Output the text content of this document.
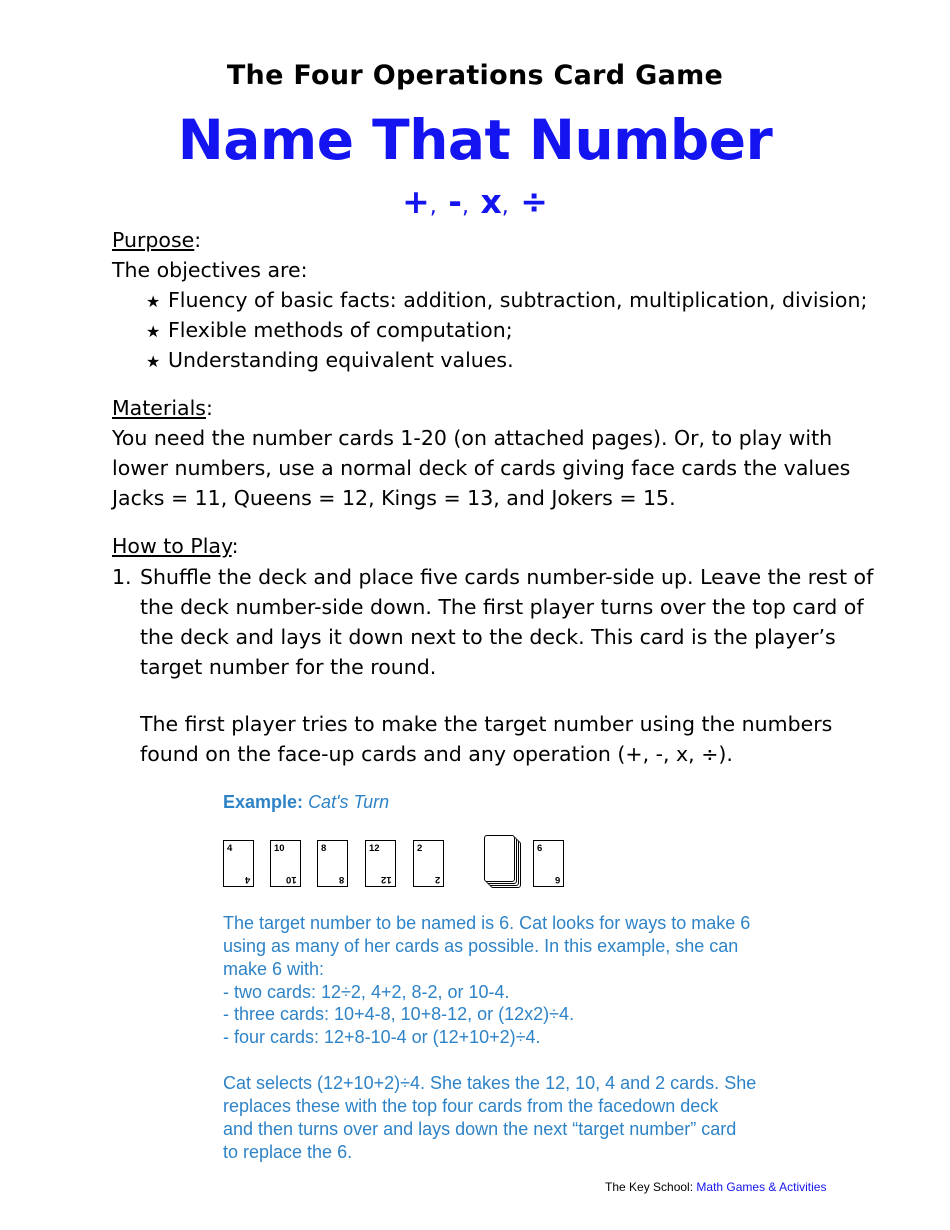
The Four Operations Card Game
Name That Number
+, -, x, ÷
Purpose:
The objectives are:
★ Fluency of basic facts: addition, subtraction, multiplication, division;
★ Flexible methods of computation;
★ Understanding equivalent values.
Materials:
You need the number cards 1-20 (on attached pages). Or, to play with
lower numbers, use a normal deck of cards giving face cards the values
Jacks = 11, Queens = 12, Kings = 13, and Jokers = 15.
How to Play:
1. Shuffle the deck and place five cards number-side up. Leave the rest of
the deck number-side down. The first player turns over the top card of
the deck and lays it down next to the deck. This card is the player’s
target number for the round.
The first player tries to make the target number using the numbers
found on the face-up cards and any operation (+, -, x, ÷).
Example: Cat's Turn
4
4
10
10
8
8
12
12
2
2
6
6
The target number to be named is 6. Cat looks for ways to make 6
using as many of her cards as possible. In this example, she can
make 6 with:
- two cards: 12÷2, 4+2, 8-2, or 10-4.
- three cards: 10+4-8, 10+8-12, or (12x2)÷4.
- four cards: 12+8-10-4 or (12+10+2)÷4.
Cat selects (12+10+2)÷4. She takes the 12, 10, 4 and 2 cards. She
replaces these with the top four cards from the facedown deck
and then turns over and lays down the next “target number” card
to replace the 6.
The Key School: Math Games & Activities
